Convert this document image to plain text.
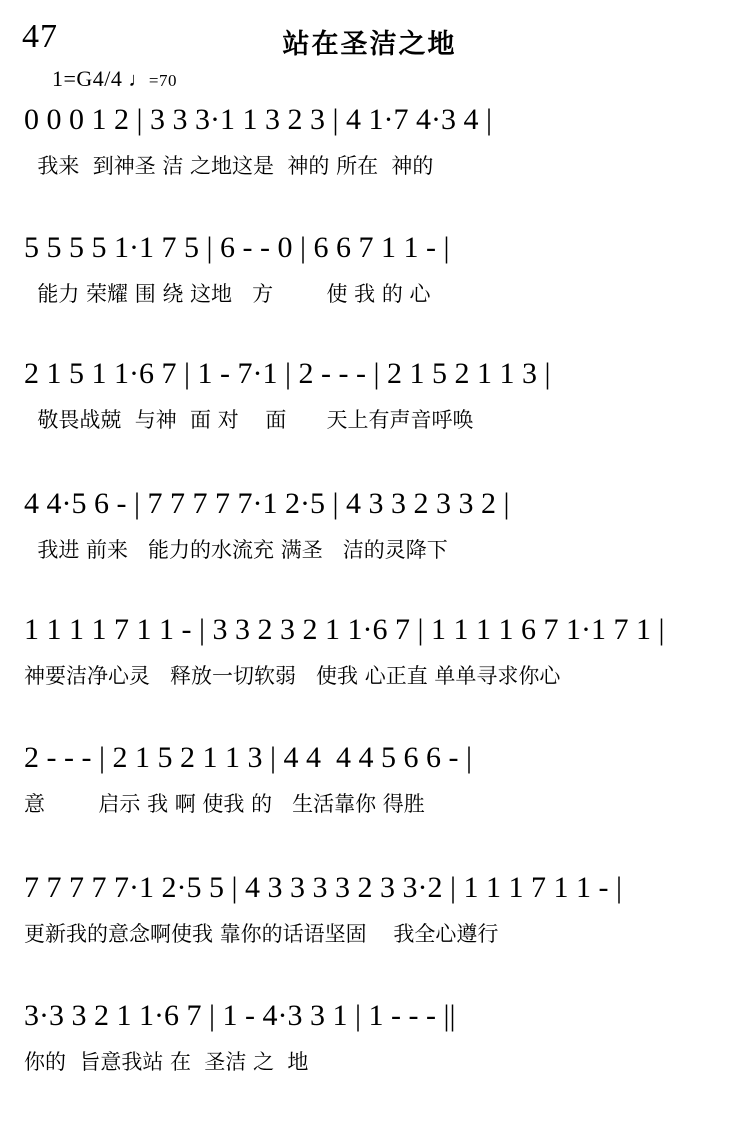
47	站在圣洁之地
1=G4/4 ♩=70
0 0 0 1 2 | 3 3 3·1 1 3 2 3 | 4 1·7 4·3 4 |
我来  到神圣 洁 之地这是  神的 所在  神的
5 5 5 5 1·1 7 5 | 6 - - 0 | 6 6 7 1 1 - |
能力 荣耀 围 绕 这地   方        使 我 的 心
2 1 5 1 1·6 7 | 1 - 7·1 | 2 - - - | 2 1 5 2 1 1 3 |
敬畏战兢  与神  面 对    面      天上有声音呼唤
4 4·5 6 - | 7 7 7 7 7·1 2·5 | 4 3 3 2 3 3 2 |
我进 前来   能力的水流充 满圣   洁的灵降下
1 1 1 1 7 1 1 - | 3 3 2 3 2 1 1·6 7 | 1 1 1 1 6 7 1·1 7 1 |
神要洁净心灵   释放一切软弱   使我 心正直 单单寻求你心
2 - - - | 2 1 5 2 1 1 3 | 4 4  4 4 5 6 6 - |
意        启示 我 啊 使我 的   生活靠你 得胜
7 7 7 7 7·1 2·5 5 | 4 3 3 3 3 2 3 3·2 | 1 1 1 7 1 1 - |
更新我的意念啊使我 靠你的话语坚固    我全心遵行
3·3 3 2 1 1·6 7 | 1 - 4·3 3 1 | 1 - - - ||
你的  旨意我站 在  圣洁 之  地
